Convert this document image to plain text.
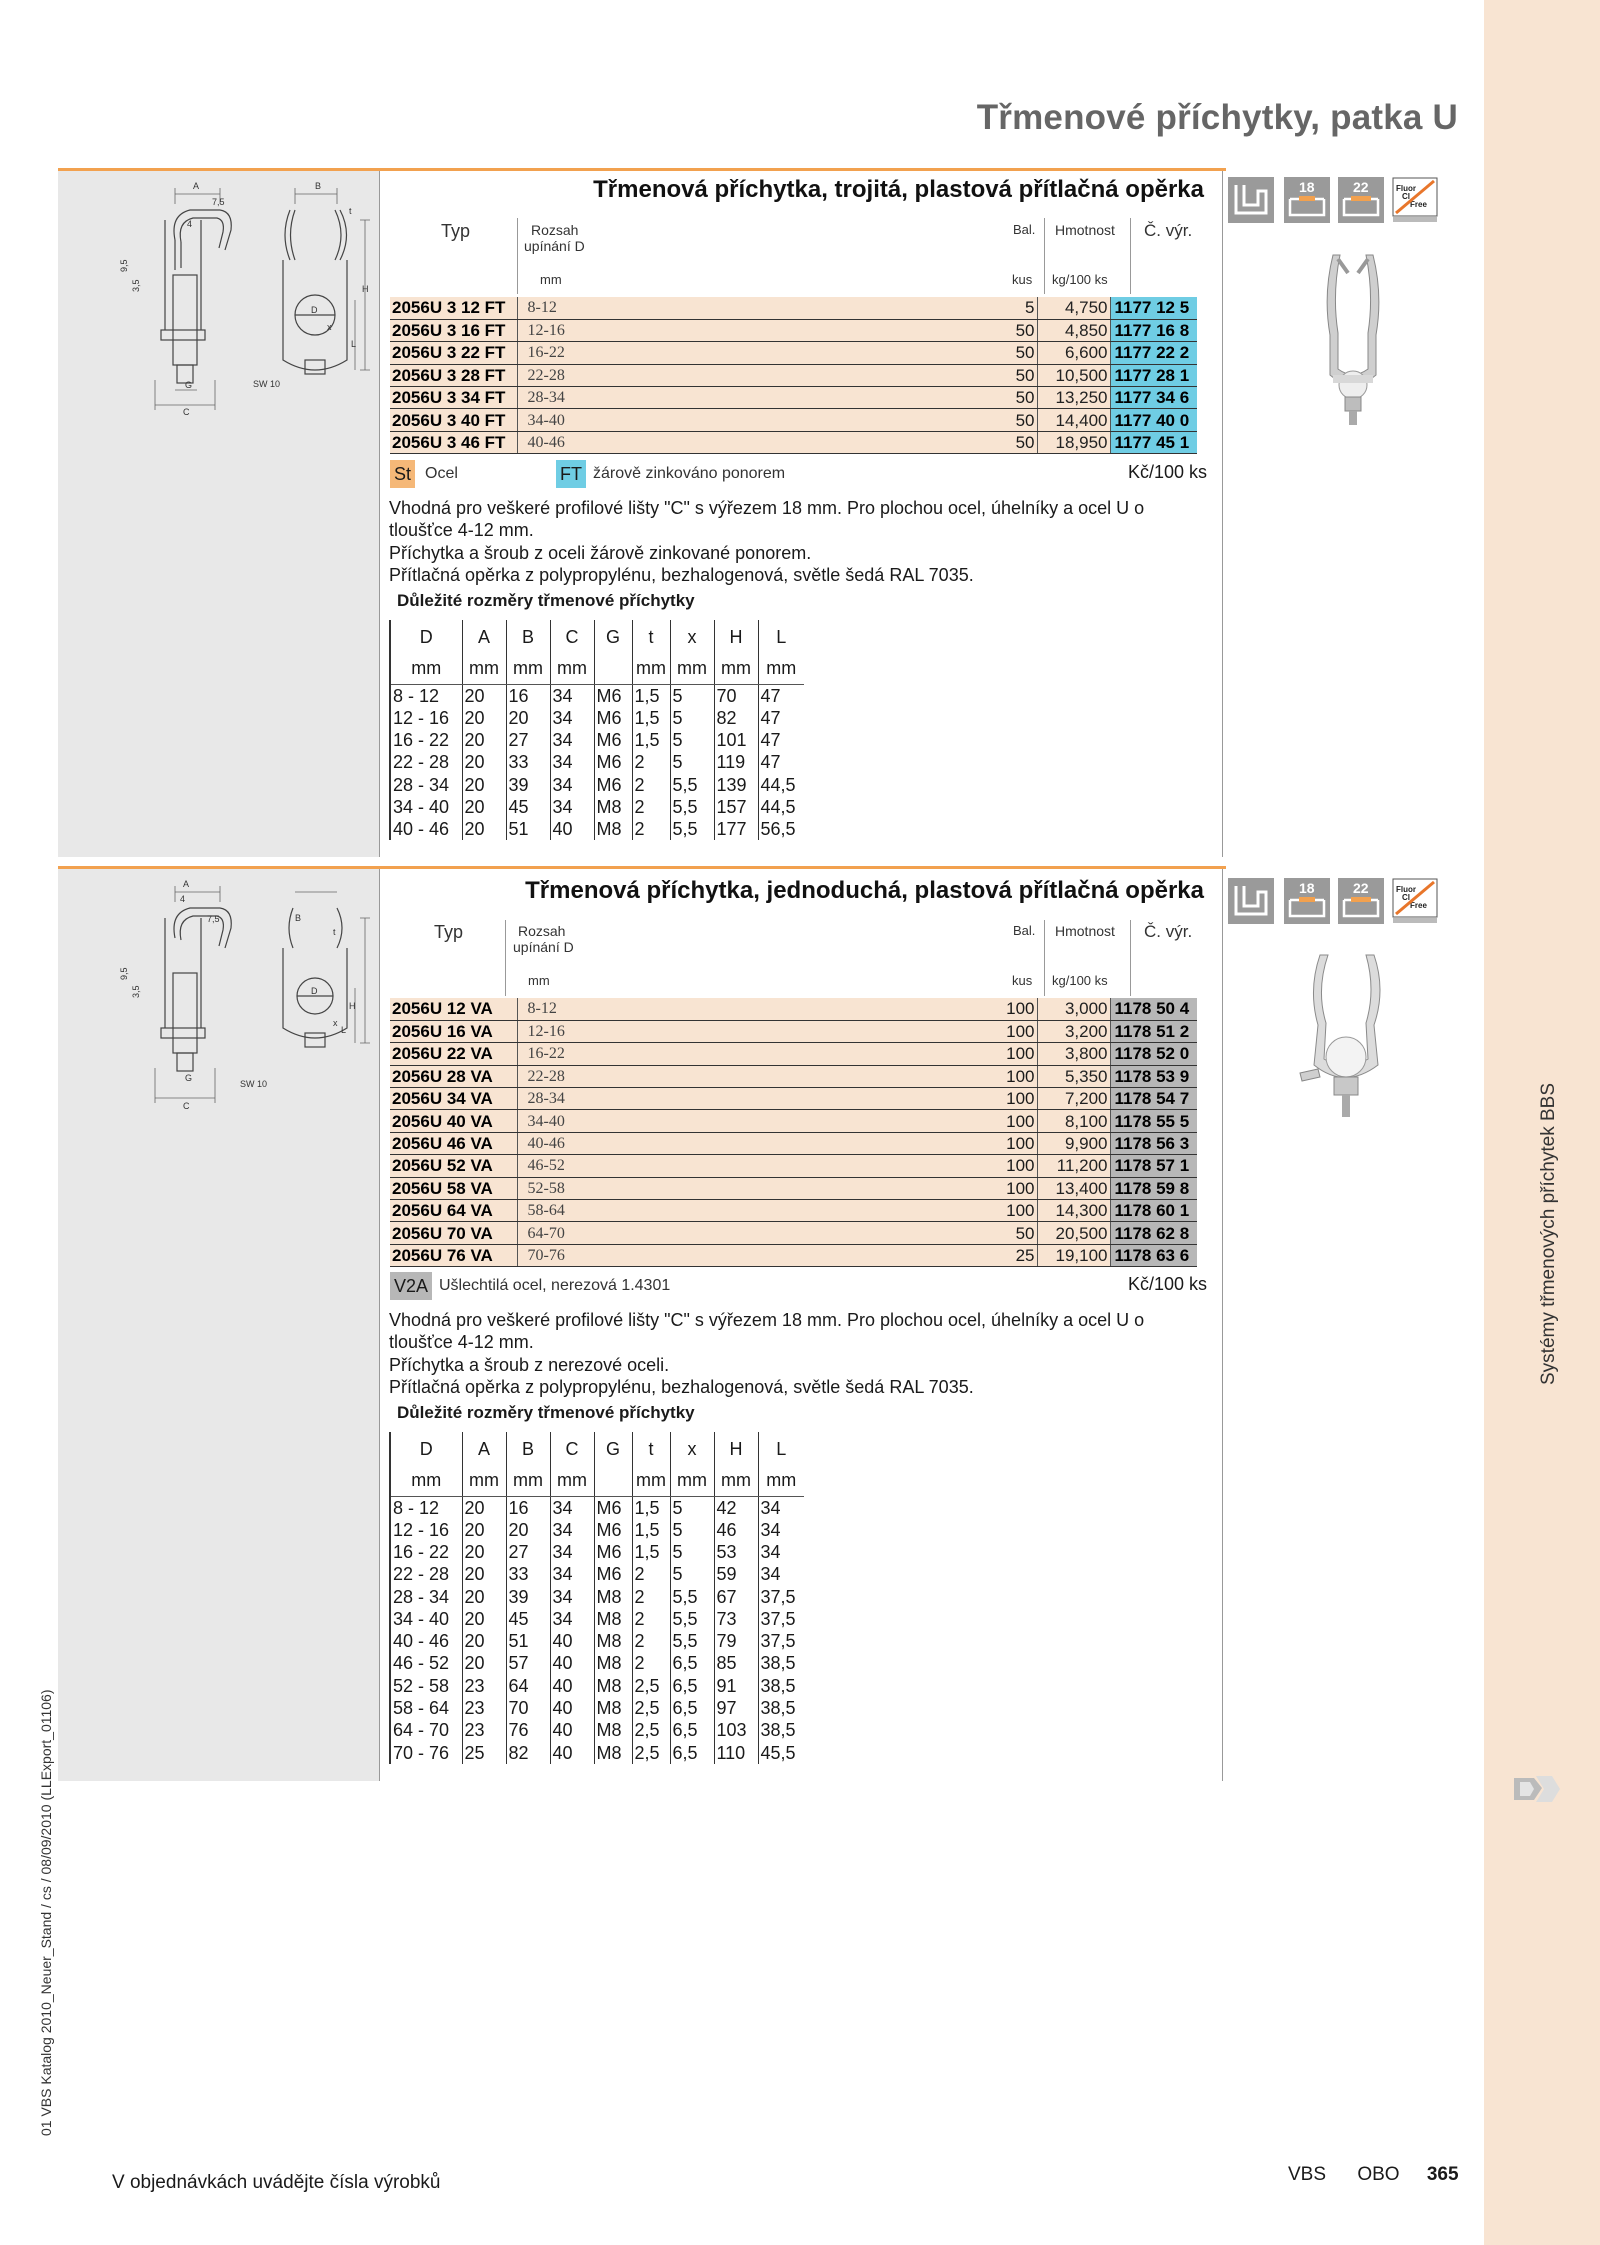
Systémy třmenových příchytek BBS
Třmenové příchytky, patka U
A
7,5
4
B
t
D
H
L
x
G
C
SW 10
9,5
3,5
Třmenová příchytka, trojitá, plastová přítlačná opěrka	18	22	Fluor
Cl
Free
Typ	Rozsah
upínání D
mm
Bal.
kus
Hmotnost
kg/100 ks
Č. výr.
2056U 3 12 FT	8-12	5	4,750	1177 12 5
2056U 3 16 FT	12-16	50	4,850	1177 16 8
2056U 3 22 FT	16-22	50	6,600	1177 22 2
2056U 3 28 FT	22-28	50	10,500	1177 28 1
2056U 3 34 FT	28-34	50	13,250	1177 34 6
2056U 3 40 FT	34-40	50	14,400	1177 40 0
2056U 3 46 FT	40-46	50	18,950	1177 45 1
St Ocel	FT žárově zinkováno ponorem	Kč/100 ks
Vhodná pro veškeré profilové lišty "C" s výřezem 18 mm. Pro plochou ocel, úhelníky a ocel U o
tloušťce 4-12 mm.
Příchytka a šroub z oceli žárově zinkované ponorem.
Přítlačná opěrka z polypropylénu, bezhalogenová, světle šedá RAL 7035.
Důležité rozměry třmenové příchytky
D	A	B	C	G	t	x	H	L
mm	mm	mm	mm		mm	mm	mm	mm
8 - 12	20	16	34	M6	1,5	5	70	47
12 - 16	20	20	34	M6	1,5	5	82	47
16 - 22	20	27	34	M6	1,5	5	101	47
22 - 28	20	33	34	M6	2	5	119	47
28 - 34	20	39	34	M6	2	5,5	139	44,5
34 - 40	20	45	34	M8	2	5,5	157	44,5
40 - 46	20	51	40	M8	2	5,5	177	56,5
A
4
7,5	B
t
D
H
x
L
G
C
SW 10
9,5
3,5
Třmenová příchytka, jednoduchá, plastová přítlačná opěrka	18	22	Fluor
Cl
Free
Typ	Rozsah
upínání D
mm
Bal.
kus
Hmotnost
kg/100 ks
Č. výr.
2056U 12 VA	8-12	100	3,000	1178 50 4
2056U 16 VA	12-16	100	3,200	1178 51 2
2056U 22 VA	16-22	100	3,800	1178 52 0
2056U 28 VA	22-28	100	5,350	1178 53 9
2056U 34 VA	28-34	100	7,200	1178 54 7
2056U 40 VA	34-40	100	8,100	1178 55 5
2056U 46 VA	40-46	100	9,900	1178 56 3
2056U 52 VA	46-52	100	11,200	1178 57 1
2056U 58 VA	52-58	100	13,400	1178 59 8
2056U 64 VA	58-64	100	14,300	1178 60 1
2056U 70 VA	64-70	50	20,500	1178 62 8
2056U 76 VA	70-76	25	19,100	1178 63 6
V2A Ušlechtilá ocel, nerezová 1.4301	Kč/100 ks
Vhodná pro veškeré profilové lišty "C" s výřezem 18 mm. Pro plochou ocel, úhelníky a ocel U o
tloušťce 4-12 mm.
Příchytka a šroub z nerezové oceli.
Přítlačná opěrka z polypropylénu, bezhalogenová, světle šedá RAL 7035.
Důležité rozměry třmenové příchytky
D	A	B	C	G	t	x	H	L
mm	mm	mm	mm		mm	mm	mm	mm
8 - 12	20	16	34	M6	1,5	5	42	34
12 - 16	20	20	34	M6	1,5	5	46	34
16 - 22	20	27	34	M6	1,5	5	53	34
22 - 28	20	33	34	M6	2	5	59	34
28 - 34	20	39	34	M8	2	5,5	67	37,5
34 - 40	20	45	34	M8	2	5,5	73	37,5
40 - 46	20	51	40	M8	2	5,5	79	37,5
46 - 52	20	57	40	M8	2	6,5	85	38,5
52 - 58	23	64	40	M8	2,5	6,5	91	38,5
58 - 64	23	70	40	M8	2,5	6,5	97	38,5
64 - 70	23	76	40	M8	2,5	6,5	103	38,5
70 - 76	25	82	40	M8	2,5	6,5	110	45,5
01 VBS Katalog 2010_Neuer_Stand / cs / 08/09/2010 (LLExport_01106)
V objednávkách uvádějte čísla výrobků	VBS OBO 365
